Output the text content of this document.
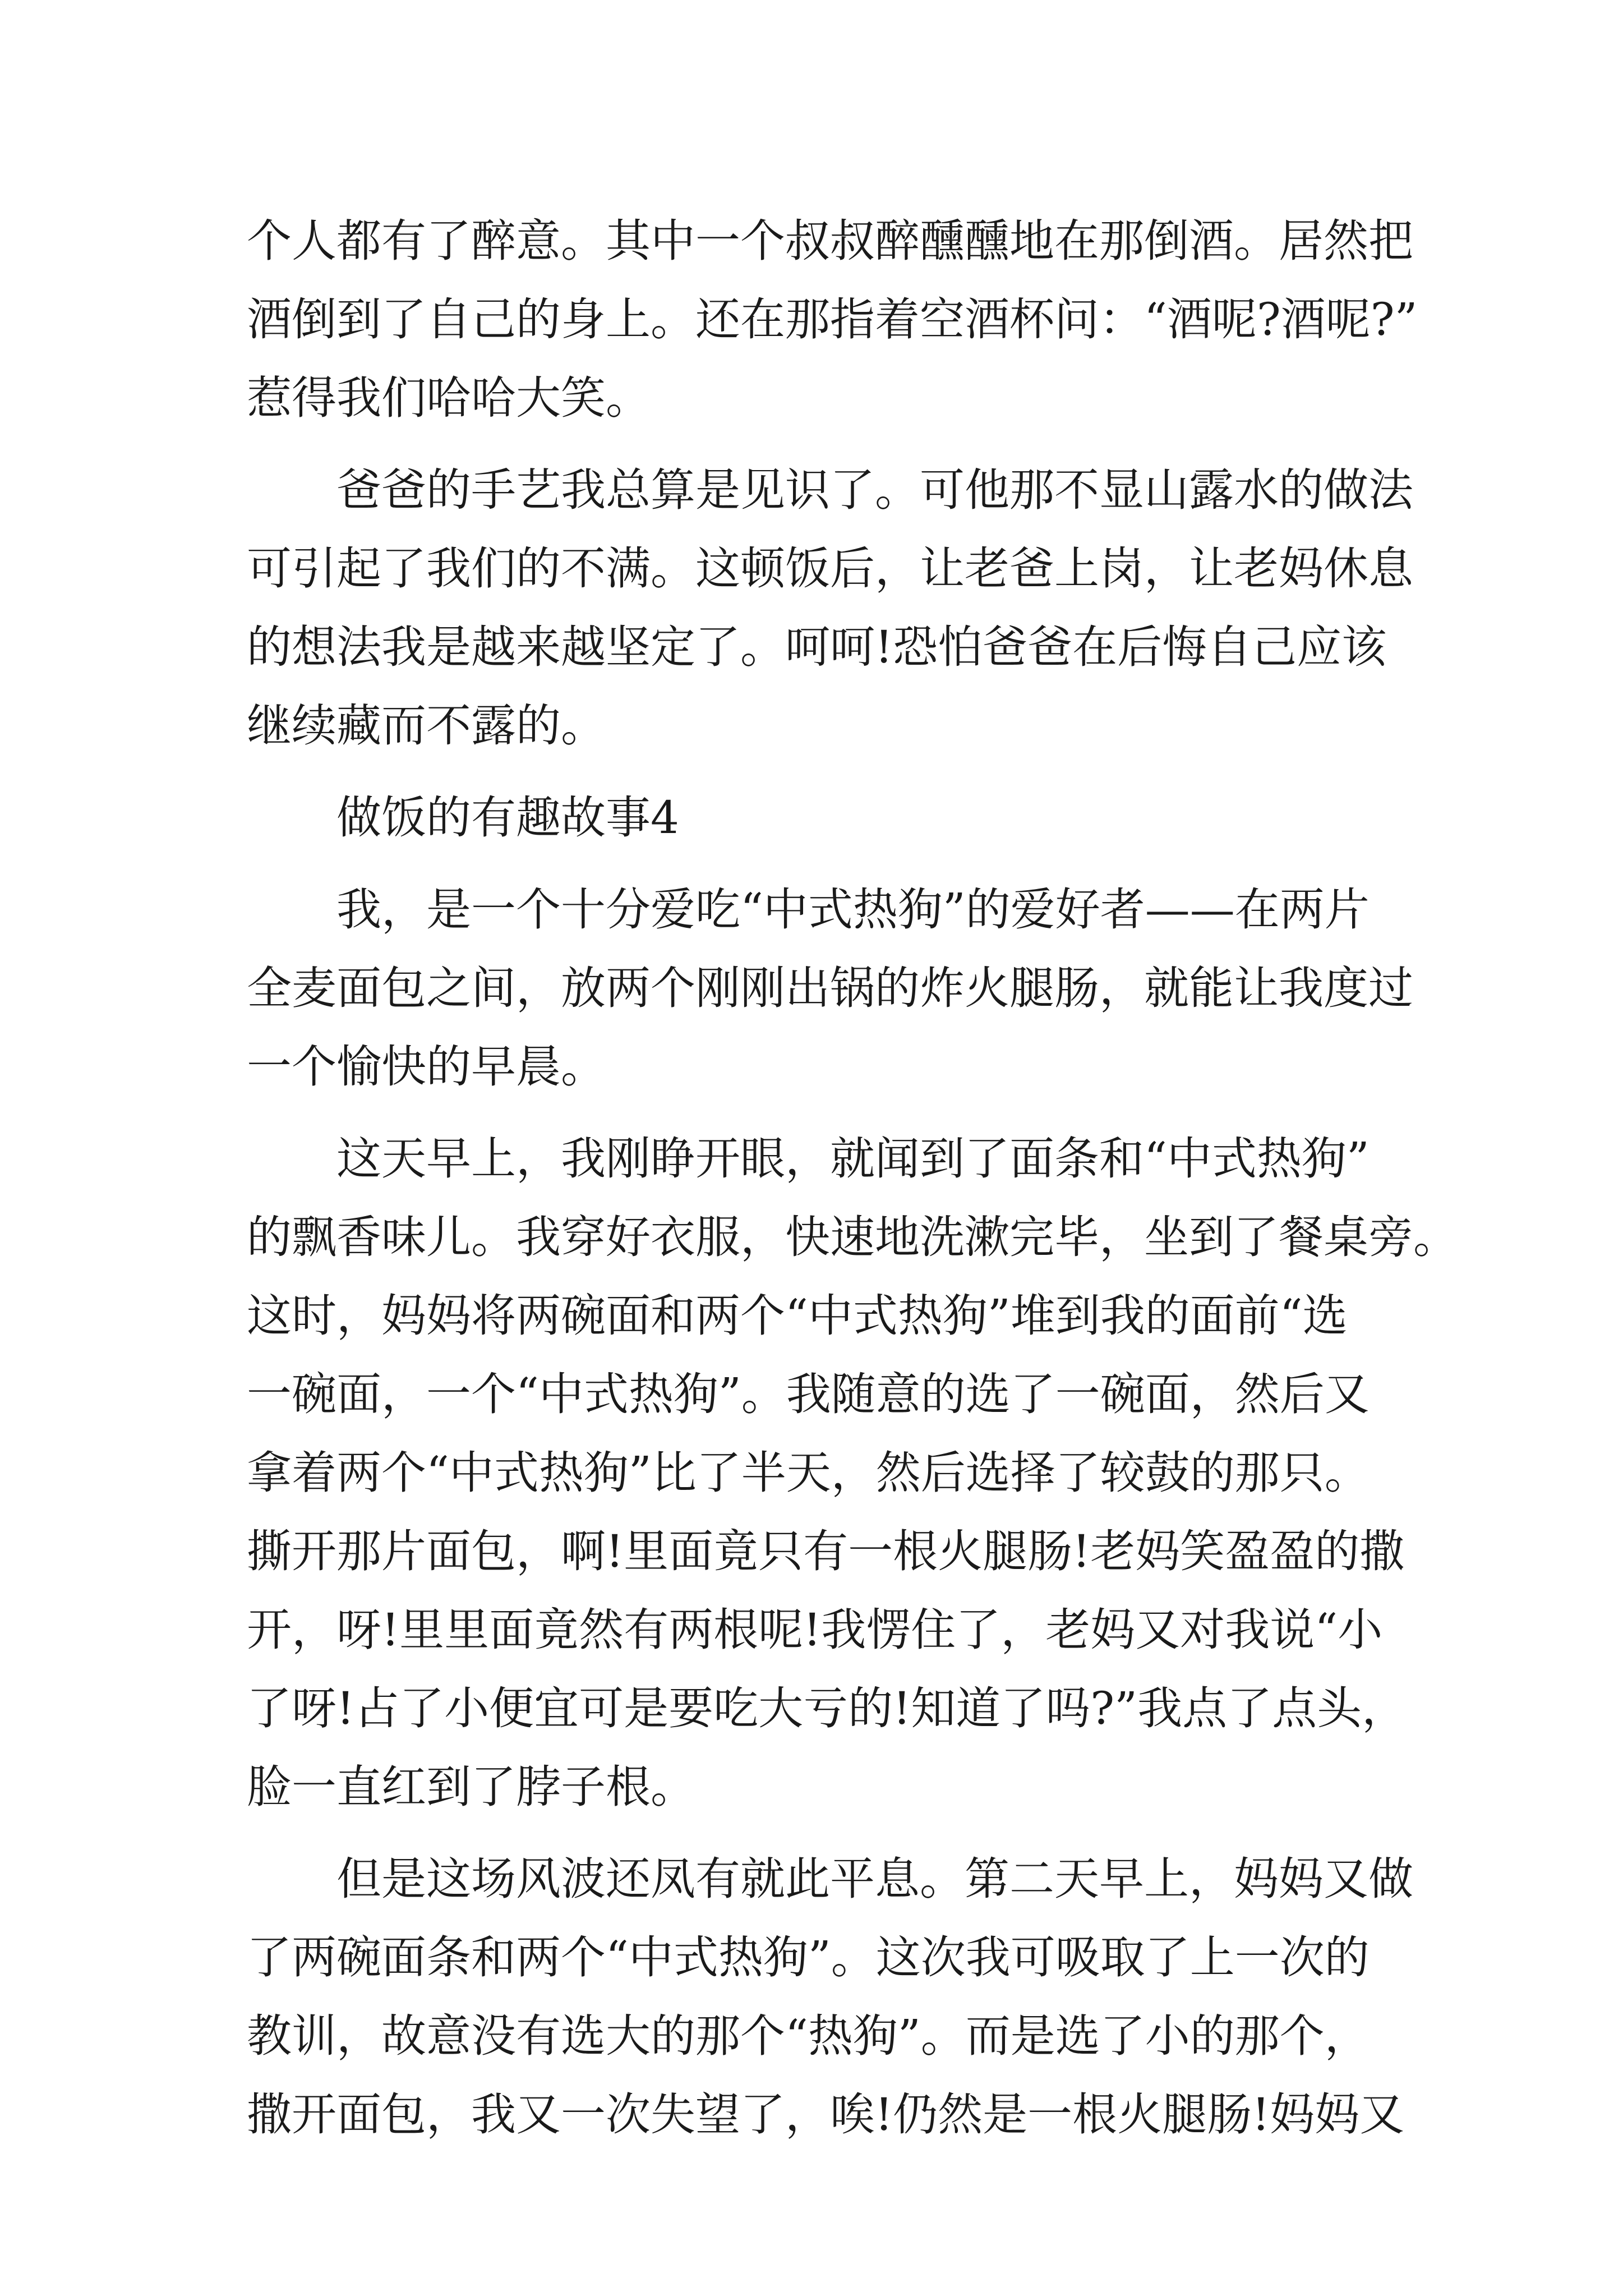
个人都有了醉意。其中一个叔叔醉醺醺地在那倒酒。居然把
酒倒到了自己的身上。还在那指着空酒杯问：“酒呢?酒呢?”
惹得我们哈哈大笑。
爸爸的手艺我总算是见识了。可他那不显山露水的做法
可引起了我们的不满。这顿饭后，让老爸上岗，让老妈休息
的想法我是越来越坚定了。呵呵!恐怕爸爸在后悔自己应该
继续藏而不露的。
做饭的有趣故事4
我，是一个十分爱吃“中式热狗”的爱好者——在两片
全麦面包之间，放两个刚刚出锅的炸火腿肠，就能让我度过
一个愉快的早晨。
这天早上，我刚睁开眼，就闻到了面条和“中式热狗”
的飘香味儿。我穿好衣服，快速地洗漱完毕，坐到了餐桌旁。
这时，妈妈将两碗面和两个“中式热狗”堆到我的面前“选
一碗面，一个“中式热狗”。我随意的选了一碗面，然后又
拿着两个“中式热狗”比了半天，然后选择了较鼓的那只。
撕开那片面包，啊!里面竟只有一根火腿肠!老妈笑盈盈的撒
开，呀!里里面竟然有两根呢!我愣住了，老妈又对我说“小
了呀!占了小便宜可是要吃大亏的!知道了吗?”我点了点头，
脸一直红到了脖子根。
但是这场风波还凤有就此平息。第二天早上，妈妈又做
了两碗面条和两个“中式热狗”。这次我可吸取了上一次的
教训，故意没有选大的那个“热狗”。而是选了小的那个，
撒开面包，我又一次失望了，唉!仍然是一根火腿肠!妈妈又
